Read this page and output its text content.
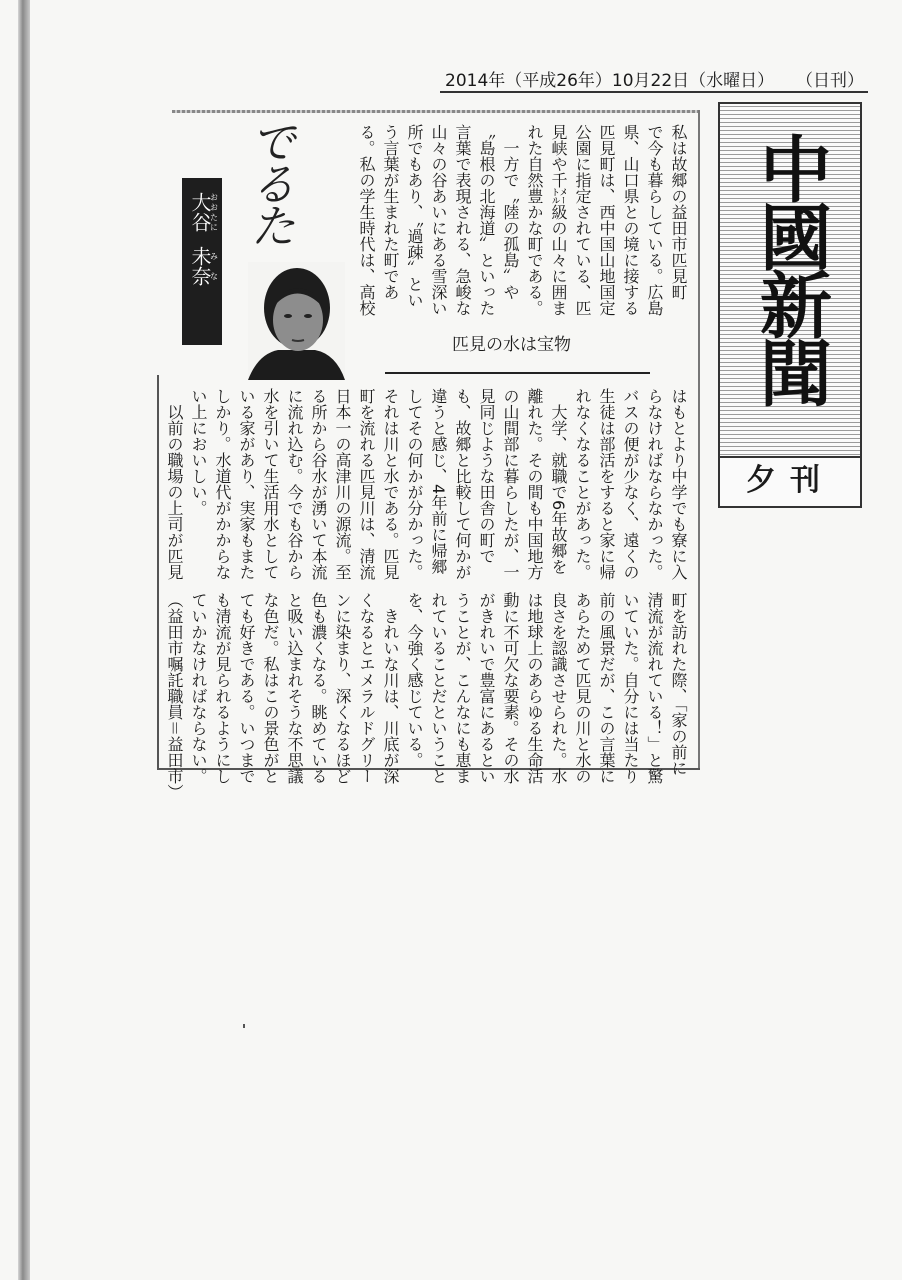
2014年（平成26年）10月22日（水曜日） （日刊）
中國新聞
夕刊
でるた
大谷おおたに
未奈みな	私は故郷の益田市匹見町
で今も暮らしている。広島
県、山口県との境に接する
匹見町は、西中国山地国定
公園に指定されている、匹
見峡や千㍍級の山々に囲ま
れた自然豊かな町である。
　一方で〝陸の孤島〟や
〝島根の北海道〟といった
言葉で表現される、急峻な
山々の谷あいにある雪深い
所でもあり、〝過疎〟とい
う言葉が生まれた町であ
る。私の学生時代は、高校
匹見の水は宝物
はもとより中学でも寮に入
らなければならなかった。
バスの便が少なく、遠くの
生徒は部活をすると家に帰
れなくなることがあった。
　大学、就職で6年故郷を
離れた。その間も中国地方
の山間部に暮らしたが、一
見同じような田舎の町で
も、故郷と比較して何かが
違うと感じ、4年前に帰郷
してその何かが分かった。
それは川と水である。匹見
町を流れる匹見川は、清流
日本一の高津川の源流。至
る所から谷水が湧いて本流
に流れ込む。今でも谷から
水を引いて生活用水として
いる家があり、実家もまた
しかり。水道代がかからな
い上においしい。
　以前の職場の上司が匹見
町を訪れた際、「家の前に
清流が流れている！」と驚
いていた。自分には当たり
前の風景だが、この言葉に
あらためて匹見の川と水の
良さを認識させられた。水
は地球上のあらゆる生命活
動に不可欠な要素。その水
がきれいで豊富にあるとい
うことが、こんなにも恵ま
れていることだということ
を、今強く感じている。
　きれいな川は、川底が深
くなるとエメラルドグリー
ンに染まり、深くなるほど
色も濃くなる。眺めている
と吸い込まれそうな不思議
な色だ。私はこの景色がと
ても好きである。いつまで
も清流が見られるようにし
ていかなければならない。
（益田市嘱託職員＝益田市）
